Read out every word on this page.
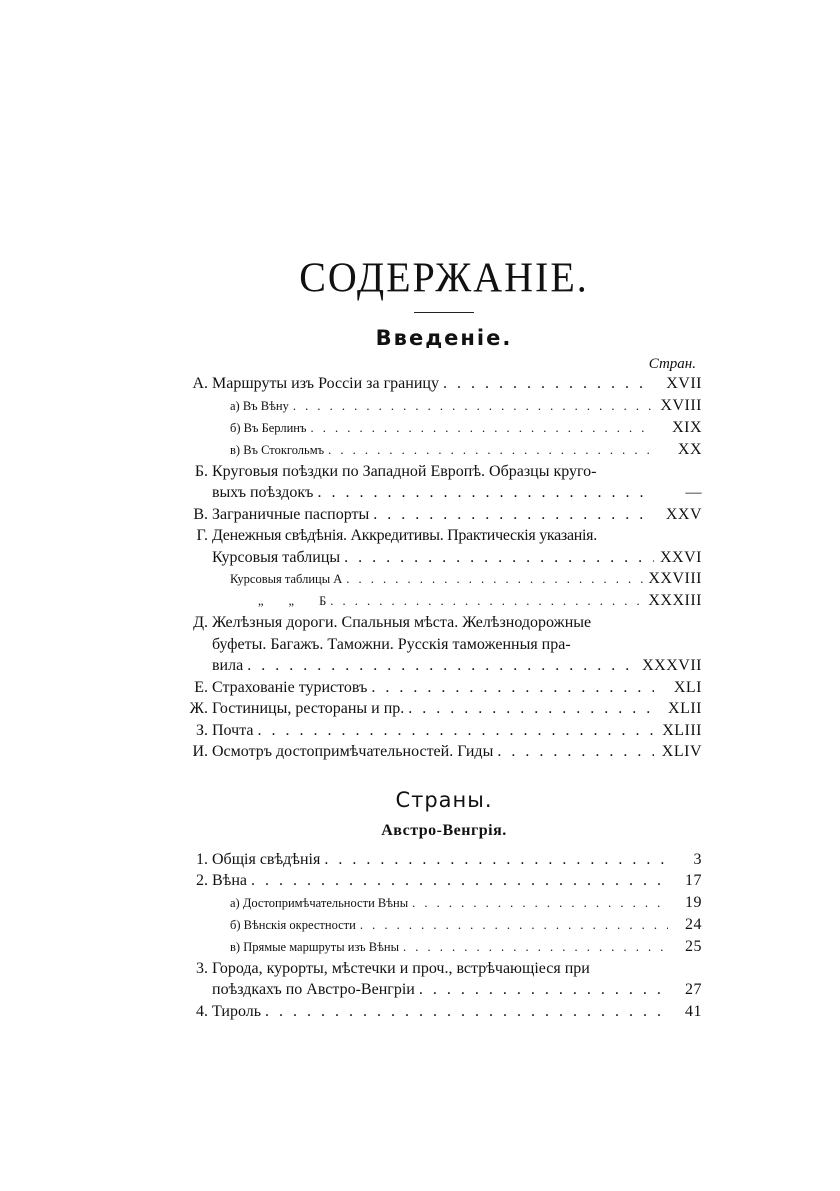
СОДЕРЖАНІЕ.
Введеніе.
Стран.
А. Маршруты изъ Россіи за границу . . .	XVII
а) Въ Вѣну . . .	XVIII
б) Въ Берлинъ . . .	XIX
в) Въ Стокгольмъ . . .	XX
Б. Круговыя поѣздки по Западной Европѣ. Образцы круго-
выхъ поѣздокъ . . .	—
В. Заграничные паспорты . . .	XXV
Г. Денежныя свѣдѣнія. Аккредитивы. Практическія указанія.
Курсовыя таблицы . . .	XXVI
Курсовыя таблицы А . . .	XXVIII
„        „        Б . . .	XXXIII
Д. Желѣзныя дороги. Спальныя мѣста. Желѣзнодорожные
буфеты. Багажъ. Таможни. Русскія таможенныя пра-
вила . . .	XXXVII
Е. Страхованіе туристовъ . . .	XLI
Ж. Гостиницы, рестораны и пр. . . .	XLII
З. Почта . . .	XLIII
И. Осмотръ достопримѣчательностей. Гиды . . .	XLIV
Страны.
Австро-Венгрія.
1. Общія свѣдѣнія . . .	3
2. Вѣна . . .	17
а) Достопримѣчательности Вѣны . . .	19
б) Вѣнскія окрестности . . .	24
в) Прямые маршруты изъ Вѣны . . .	25
3. Города, курорты, мѣстечки и проч., встрѣчающіеся при
поѣздкахъ по Австро-Венгріи . . .	27
4. Тироль . . .	41
